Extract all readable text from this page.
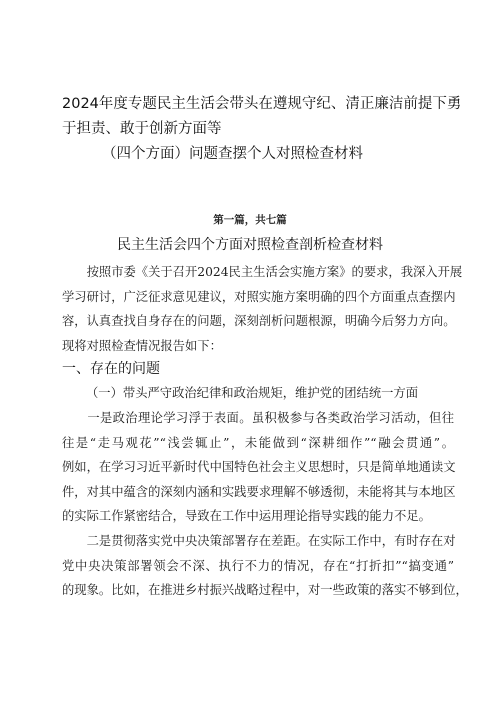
2024年度专题民主生活会带头在遵规守纪、清正廉洁前提下勇
于担责、敢于创新方面等
（四个方面）问题查摆个人对照检查材料
第一篇，共七篇
民主生活会四个方面对照检查剖析检查材料
　　按照市委《关于召开2024民主生活会实施方案》的要求，我深入开展
学习研讨，广泛征求意见建议，对照实施方案明确的四个方面重点查摆内
容，认真查找自身存在的问题，深刻剖析问题根源，明确今后努力方向。
现将对照检查情况报告如下：
一、存在的问题
（一）带头严守政治纪律和政治规矩，维护党的团结统一方面
　　一是政治理论学习浮于表面。虽积极参与各类政治学习活动，但往
往是“走马观花”“浅尝辄止”，未能做到“深耕细作”“融会贯通”。
例如，在学习习近平新时代中国特色社会主义思想时，只是简单地通读文
件，对其中蕴含的深刻内涵和实践要求理解不够透彻，未能将其与本地区
的实际工作紧密结合，导致在工作中运用理论指导实践的能力不足。
　　二是贯彻落实党中央决策部署存在差距。在实际工作中，有时存在对
党中央决策部署领会不深、执行不力的情况，存在“打折扣”“搞变通”
的现象。比如，在推进乡村振兴战略过程中，对一些政策的落实不够到位，
